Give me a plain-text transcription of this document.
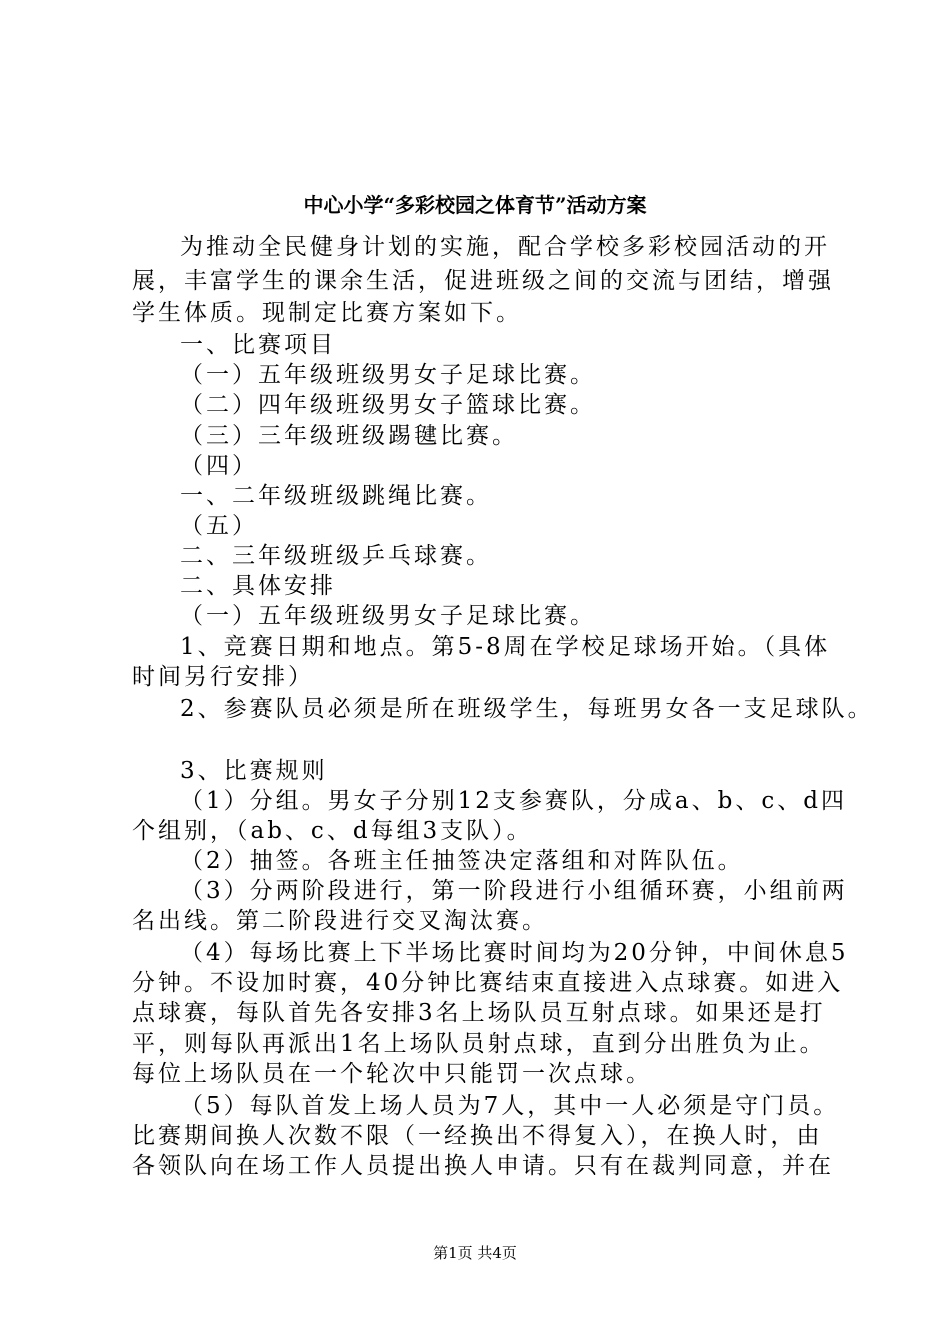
中心小学“多彩校园之体育节”活动方案
为推动全民健身计划的实施，配合学校多彩校园活动的开
展，丰富学生的课余生活，促进班级之间的交流与团结，增强
学生体质。现制定比赛方案如下。
一、比赛项目
（一）五年级班级男女子足球比赛。
（二）四年级班级男女子篮球比赛。
（三）三年级班级踢毽比赛。
（四）
一、二年级班级跳绳比赛。
（五）
二、三年级班级乒乓球赛。
二、具体安排
（一）五年级班级男女子足球比赛。
1、竞赛日期和地点。第5-8周在学校足球场开始。（具体
时间另行安排）
2、参赛队员必须是所在班级学生，每班男女各一支足球队。
3、比赛规则
（1）分组。男女子分别12支参赛队，分成a、b、c、d四
个组别，（ab、c、d每组3支队）。
（2）抽签。各班主任抽签决定落组和对阵队伍。
（3）分两阶段进行，第一阶段进行小组循环赛，小组前两
名出线。第二阶段进行交叉淘汰赛。
（4）每场比赛上下半场比赛时间均为20分钟，中间休息5
分钟。不设加时赛，40分钟比赛结束直接进入点球赛。如进入
点球赛，每队首先各安排3名上场队员互射点球。如果还是打
平，则每队再派出1名上场队员射点球，直到分出胜负为止。
每位上场队员在一个轮次中只能罚一次点球。
（5）每队首发上场人员为7人，其中一人必须是守门员。
比赛期间换人次数不限（一经换出不得复入），在换人时，由
各领队向在场工作人员提出换人申请。只有在裁判同意，并在
第1页 共4页
